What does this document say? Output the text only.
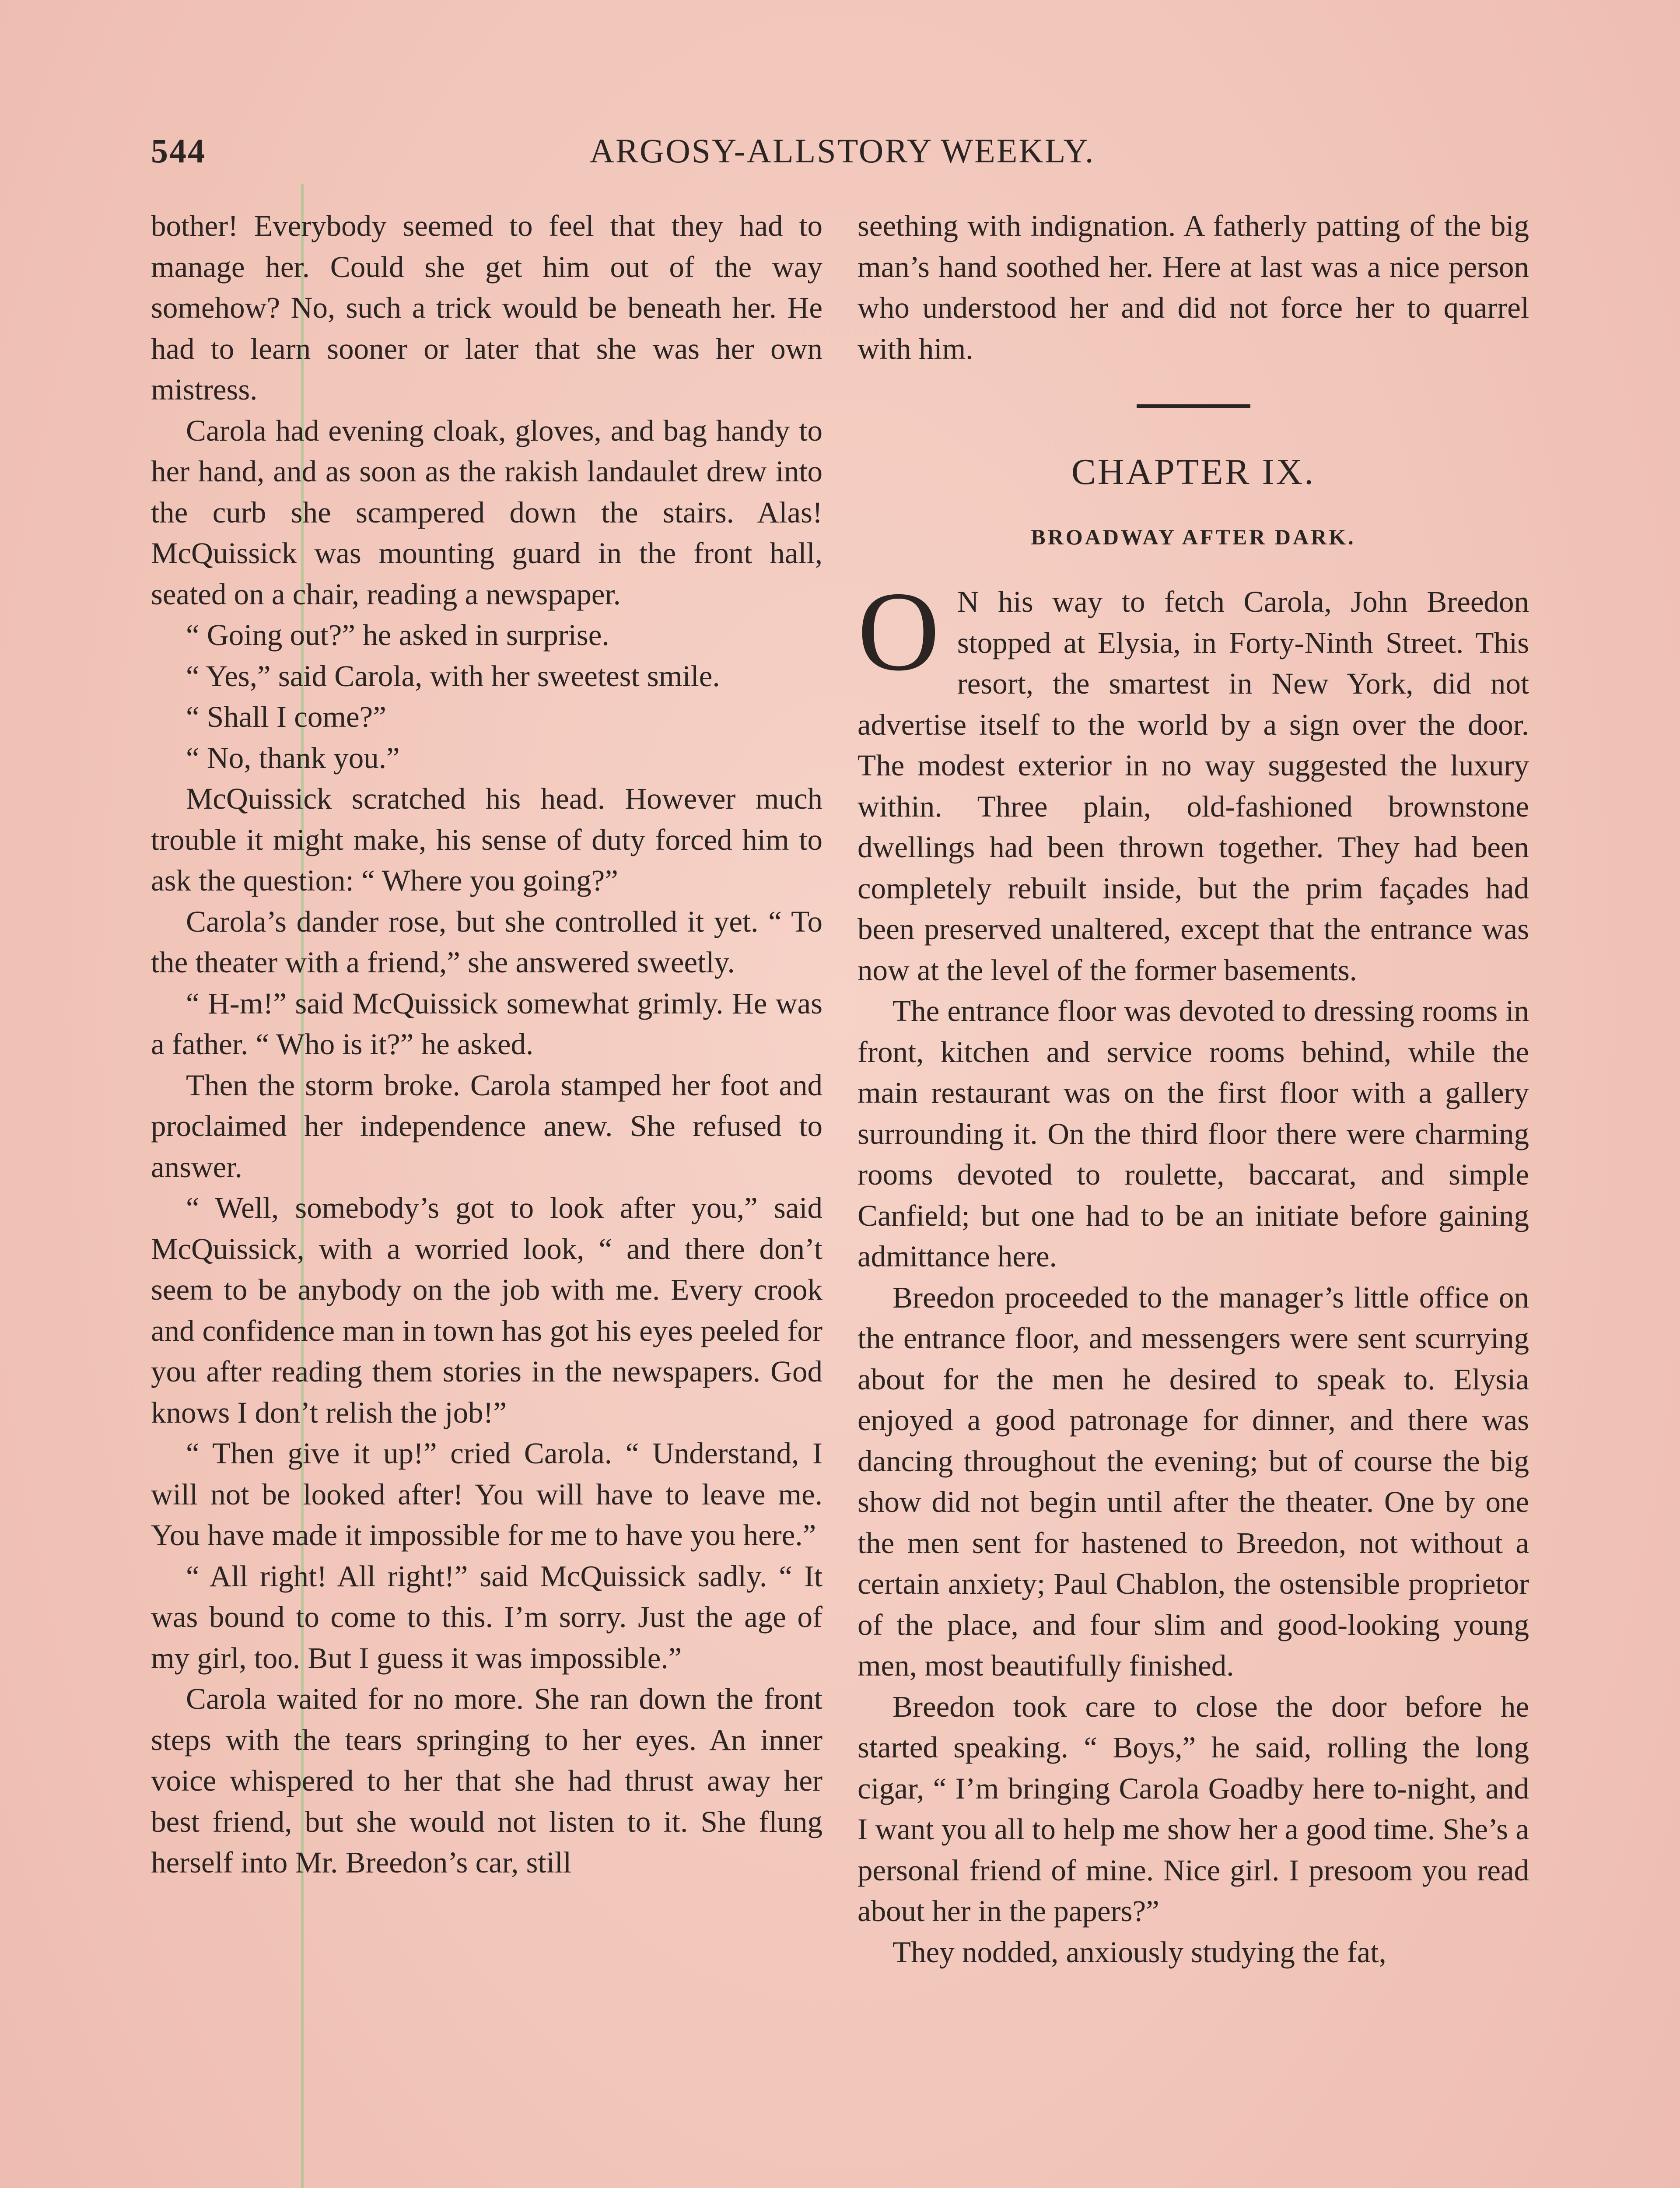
544	ARGOSY-ALLSTORY WEEKLY.

bother! Everybody seemed to feel that they had to manage her. Could she get him out of the way somehow? No, such a trick would be beneath her. He had to learn sooner or later that she was her own mistress.

Carola had evening cloak, gloves, and bag handy to her hand, and as soon as the rakish landaulet drew into the curb she scampered down the stairs. Alas! McQuissick was mounting guard in the front hall, seated on a chair, reading a newspaper.

“ Going out?” he asked in surprise.

“ Yes,” said Carola, with her sweetest smile.

“ Shall I come?”

“ No, thank you.”

McQuissick scratched his head. However much trouble it might make, his sense of duty forced him to ask the question: “ Where you going?”

Carola’s dander rose, but she controlled it yet. “ To the theater with a friend,” she answered sweetly.

“ H-m!” said McQuissick somewhat grimly. He was a father. “ Who is it?” he asked.

Then the storm broke. Carola stamped her foot and proclaimed her independence anew. She refused to answer.

“ Well, somebody’s got to look after you,” said McQuissick, with a worried look, “ and there don’t seem to be anybody on the job with me. Every crook and confidence man in town has got his eyes peeled for you after reading them stories in the newspapers. God knows I don’t relish the job!”

“ Then give it up!” cried Carola. “ Understand, I will not be looked after! You will have to leave me. You have made it impossible for me to have you here.”

“ All right! All right!” said McQuissick sadly. “ It was bound to come to this. I’m sorry. Just the age of my girl, too. But I guess it was impossible.”

Carola waited for no more. She ran down the front steps with the tears springing to her eyes. An inner voice whispered to her that she had thrust away her best friend, but she would not listen to it. She flung herself into Mr. Breedon’s car, still

seething with indignation. A fatherly patting of the big man’s hand soothed her. Here at last was a nice person who understood her and did not force her to quarrel with him.

CHAPTER IX.
BROADWAY AFTER DARK.

O N his way to fetch Carola, John Breedon stopped at Elysia, in Forty-Ninth Street. This resort, the smartest in New York, did not advertise itself to the world by a sign over the door. The modest exterior in no way suggested the luxury within. Three plain, old-fashioned brownstone dwellings had been thrown together. They had been completely rebuilt inside, but the prim façades had been preserved unaltered, except that the entrance was now at the level of the former basements.

The entrance floor was devoted to dressing rooms in front, kitchen and service rooms behind, while the main restaurant was on the first floor with a gallery surrounding it. On the third floor there were charming rooms devoted to roulette, baccarat, and simple Canfield; but one had to be an initiate before gaining admittance here.

Breedon proceeded to the manager’s little office on the entrance floor, and messengers were sent scurrying about for the men he desired to speak to. Elysia enjoyed a good patronage for dinner, and there was dancing throughout the evening; but of course the big show did not begin until after the theater. One by one the men sent for hastened to Breedon, not without a certain anxiety; Paul Chablon, the ostensible proprietor of the place, and four slim and good-looking young men, most beautifully finished.

Breedon took care to close the door before he started speaking. “ Boys,” he said, rolling the long cigar, “ I’m bringing Carola Goadby here to-night, and I want you all to help me show her a good time. She’s a personal friend of mine. Nice girl. I presoom you read about her in the papers?”

They nodded, anxiously studying the fat,
